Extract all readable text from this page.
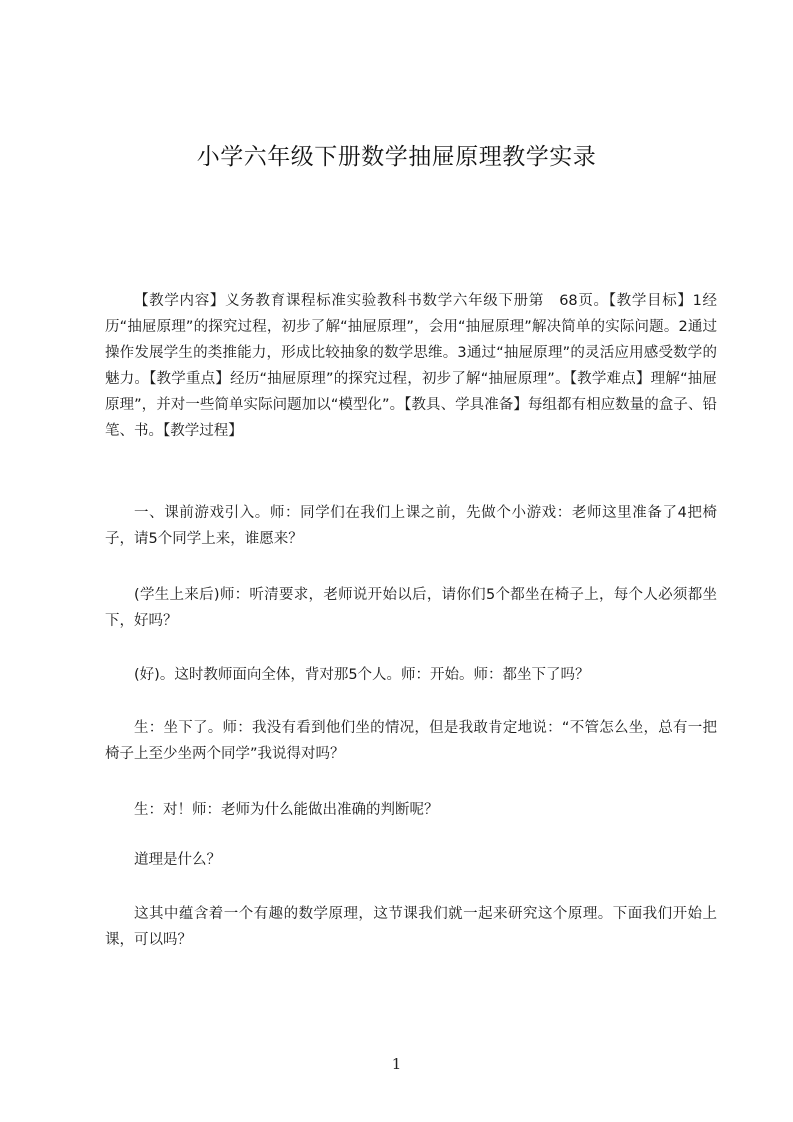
小学六年级下册数学抽屉原理教学实录

【教学内容】义务教育课程标准实验教科书数学六年级下册第　68页。【教学目标】1经历“抽屉原理”的探究过程，初步了解“抽屉原理”，会用“抽屉原理”解决简单的实际问题。2通过操作发展学生的类推能力，形成比较抽象的数学思维。3通过“抽屉原理”的灵活应用感受数学的魅力。【教学重点】经历“抽屉原理”的探究过程，初步了解“抽屉原理”。【教学难点】理解“抽屉原理”，并对一些简单实际问题加以“模型化”。【教具、学具准备】每组都有相应数量的盒子、铅笔、书。【教学过程】

一、课前游戏引入。师：同学们在我们上课之前，先做个小游戏：老师这里准备了4把椅子，请5个同学上来，谁愿来？

(学生上来后)师：听清要求，老师说开始以后，请你们5个都坐在椅子上，每个人必须都坐下，好吗？

(好)。这时教师面向全体，背对那5个人。师：开始。师：都坐下了吗？

生：坐下了。师：我没有看到他们坐的情况，但是我敢肯定地说：“不管怎么坐，总有一把椅子上至少坐两个同学”我说得对吗？

生：对！师：老师为什么能做出准确的判断呢？

道理是什么？

这其中蕴含着一个有趣的数学原理，这节课我们就一起来研究这个原理。下面我们开始上课，可以吗？

1
